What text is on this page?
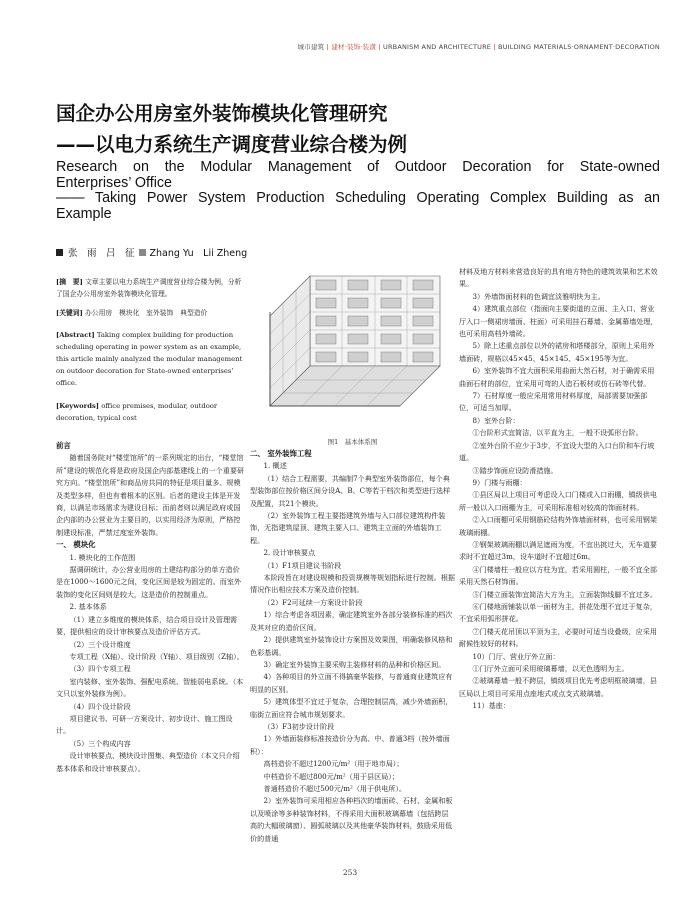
城市建筑 | 建材·装饰·装潢 | URBANISM AND ARCHITECTURE | BUILDING MATERIALS·ORNAMENT·DECORATION
国企办公用房室外装饰模块化管理研究
——以电力系统生产调度营业综合楼为例
Research on the Modular Management of Outdoor Decoration for State-owned
Enterprises’ Office
—— Taking Power System Production Scheduling Operating Complex Building as an
Example
张　雨　吕　征 Zhang Yu　Lii Zheng

[摘　要] 文章主要以电力系统生产调度营业综合楼为例，分析了国企办公用房室外装饰模块化管理。

[关键词] 办公用房　模块化　室外装饰　典型造价

[Abstract] Taking complex building for production scheduling operating in power system as an example, this article mainly analyzed the modular management on outdoor decoration for State-owned enterprises’ office.

[Keywords] office premises, modular, outdoor decoration, typical cost

前言

随着国务院对“楼堂馆所”的一系列规定的出台，“楼堂馆所”建设的规范化将是政府及国企内部基建线上的一个重要研究方向。“楼堂馆所”和商品房共同的特征是项目量多、规模及类型多样，但也有着根本的区别。后者的建设主体是开发商，以满足市场需求为建设目标；而前者则以满足政府或国企内部的办公营业为主要目的，以实用经济为原则，严格控制建设标准，严禁过度室外装饰。

一、 模块化

1. 模块化的工作范围

据调研统计，办公营业用房的土建结构部分的单方造价是在1000～1600元之间，变化区间是较为固定的。而室外装饰的变化区间则是较大，这是造价的控制重点。

2. 基本体系

（1）建立多维度的模块体系，结合项目设计及管理需要，提供相应的设计审核要点及造价评估方式。

（2）三个设计维度

专项工程（X轴）、设计阶段（Y轴）、项目级别（Z轴）。

（3）四个专项工程

室内装修、室外装饰、强配电系统、智能弱电系统。（本文只以室外装修为例）。

（4）四个设计阶段

项目建议书、可研一方案设计、初步设计、施工图设计。

（5）三个构成内容

设计审核要点、模块设计图集、典型造价（本文只介绍基本体系和设计审核要点）。

图1　基本体系图

二、 室外装饰工程

1. 概述

（1）结合工程需要，共编制7个典型室外装饰部位，每个典型装饰部位按价格区间分设A、B、C等若干档次和类型进行选样及配置，共21个模块。

（2）室外装饰工程主要指建筑外墙与入口部位建筑构件装饰，无指建筑屋顶、建筑主要入口、建筑主立面的外墙装饰工程。

2. 设计审核要点

（1）F1项目建议书阶段

本阶段旨在对建设规模和投资规模等规划指标进行控制。根据情况作出相应技术方案及造价控制。

（2）F2可延续一方案设计阶段

1）综合考虑各项因素，确定建筑室外各部分装修标准的档次及其对应的造价区间。

2）提供建筑室外装饰设计方案图及效果图，明确装修风格和色彩基调。

3）确定室外装饰主要采购主装修材料的品种和价格区间。

4）各种项目的外立面不得搞豪华装修，与普通商业建筑应有明显的区别。

5）建筑体型不宜过于复杂，合理控制层高，减少外墙面积，临街立面应符合城市规划要求。

（3）F3初步设计阶段

1）外墙面装修标准按造价分为高、中、普通3档（按外墙面积）：

高档造价不超过1200元/m²（用于地市局）；

中档造价不超过800元/m²（用于县区局）；

普通档造价不超过500元/m²（用于供电所）。

2）室外装饰可采用相应各种档次的墙面砖、石材、金属和板以及喷涂等多种装饰材料，不得采用大面积玻璃幕墙（包括跨层高的大幅玻璃窗）、圆弧玻璃以及其他豪华装饰材料，鼓励采用低价的普通

材料及地方材料来营造良好的具有地方特色的建筑效果和艺术效果。

3）外墙饰面材料的色调宜淡雅明快为主。

4）建筑重点部位（指面向主要街道的立面、主入口、营业厅入口一侧裙房墙面、柱面）可采用挂石幕墙、金属幕墙处理，也可采用高档外墙砖。

5）除上述重点部位以外的裙房和塔楼部分，原则上采用外墙面砖，规格以45×45、45×145、45×195等为宜。

6）室外装饰不宜大面积采用曲面大然石材，对于确需采用曲面石材的部位，宜采用可弯的人造石板材或仿石砖等代替。

7）石材厚度一般应采用常用材料厚度，局部需要加强部位，可适当加厚。

8）室外台阶：

①台阶形式宜简洁，以平直为主，一般不设弧形台阶。

②室外台阶不应少于3步，不宜设大型的入口台阶和车行坡道。

③踏步饰面应设防滑措施。

9）门楼与雨棚：

①县区局以上项目可考虑设入口门楼或入口雨棚，镇级供电所一般以入口雨棚为主，可采用标准相对较高的饰面材料。

②入口雨棚可采用钢筋砼结构外饰墙面材料，也可采用钢架玻璃雨棚。

③钢架玻璃雨棚以满足遮雨为度，不宜出挑过大，无车道要求时不宜超过3m，设车道时不宜超过6m。

④门楼墙柱一般应以方柱为宜，若采用圆柱，一般不宜全部采用天然石材饰面。

⑤门楼立面装饰宜简洁大方为主，立面装饰线脚不宜过多。

⑥门楼地面铺装以单一面材为主，拼花处理不宜过于复杂，不宜采用弧形拼花。

⑦门楼天花吊顶以平顶为主，必要时可适当设叠级，应采用耐候性较好的材料。

10）门厅、营业厅外立面：

①门厅外立面可采用玻璃幕墙，以无色透明为主。

②玻璃幕墙一般不跨层，镇级项目优先考虑明框玻璃墙，县区局以上项目可采用点座地式或点支式玻璃墙。

11）基座：

253
